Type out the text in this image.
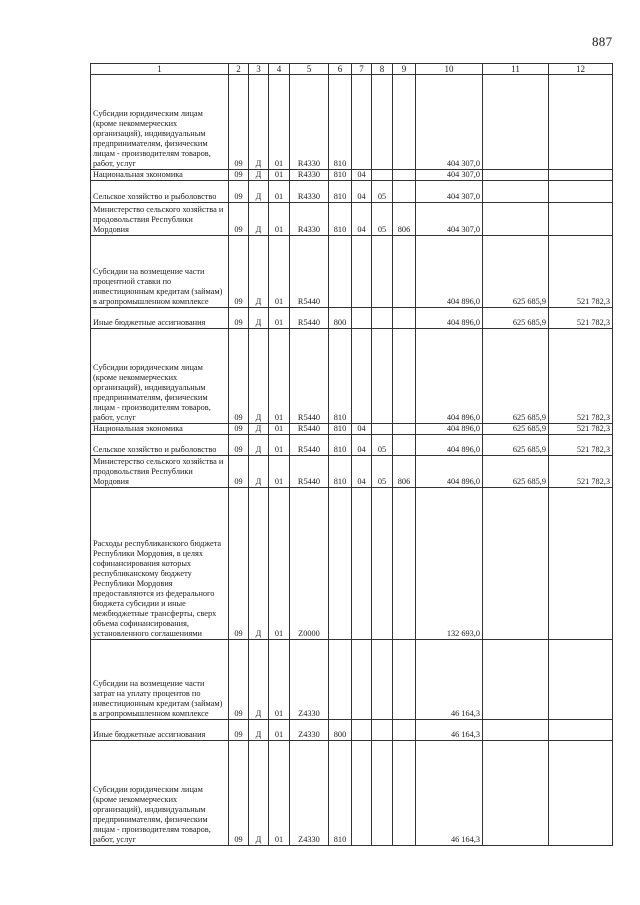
887
1	2	3	4	5	6	7	8	9	10	11	12
Субсидии юридическим лицам (кроме некоммерческих организаций), индивидуальным предпринимателям, физическим лицам - производителям товаров, работ, услуг	09	Д	01	R4330	810				404 307,0		
Национальная экономика	09	Д	01	R4330	810	04			404 307,0		
Сельское хозяйство и рыболовство	09	Д	01	R4330	810	04	05		404 307,0		
Министерство сельского хозяйства и продовольствия Республики Мордовия	09	Д	01	R4330	810	04	05	806	404 307,0		
Субсидии на возмещение части процентной ставки по инвестиционным кредитам (займам) в агропромышленном комплексе	09	Д	01	R5440					404 896,0	625 685,9	521 782,3
Иные бюджетные ассигнования	09	Д	01	R5440	800				404 896,0	625 685,9	521 782,3
Субсидии юридическим лицам (кроме некоммерческих организаций), индивидуальным предпринимателям, физическим лицам - производителям товаров, работ, услуг	09	Д	01	R5440	810				404 896,0	625 685,9	521 782,3
Национальная экономика	09	Д	01	R5440	810	04			404 896,0	625 685,9	521 782,3
Сельское хозяйство и рыболовство	09	Д	01	R5440	810	04	05		404 896,0	625 685,9	521 782,3
Министерство сельского хозяйства и продовольствия Республики Мордовия	09	Д	01	R5440	810	04	05	806	404 896,0	625 685,9	521 782,3
Расходы республиканского бюджета Республики Мордовия, в целях софинансирования которых республиканскому бюджету Республики Мордовия предоставляются из федерального бюджета субсидии и иные межбюджетные трансферты, сверх объема софинансирования, установленного соглашениями	09	Д	01	Z0000					132 693,0		
Субсидии на возмещение части затрат на уплату процентов по инвестиционным кредитам (займам) в агропромышленном комплексе	09	Д	01	Z4330					46 164,3		
Иные бюджетные ассигнования	09	Д	01	Z4330	800				46 164,3		
Субсидии юридическим лицам (кроме некоммерческих организаций), индивидуальным предпринимателям, физическим лицам - производителям товаров, работ, услуг	09	Д	01	Z4330	810				46 164,3		
